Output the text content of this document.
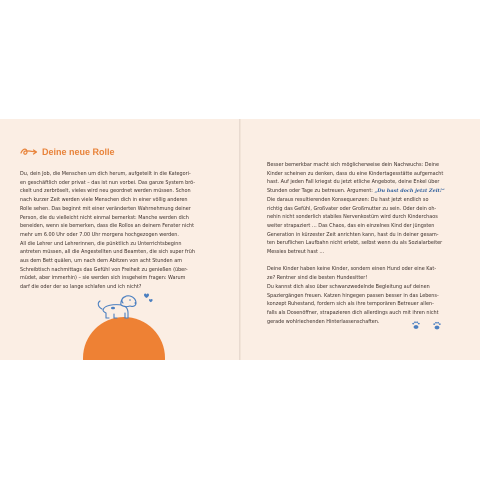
Deine neue Rolle
Du, dein Job, die Menschen um dich herum, aufgeteilt in die Kategori-
en geschäftlich oder privat – das ist nun vorbei. Das ganze System brö-
ckelt und zerbröselt, vieles wird neu geordnet werden müssen. Schon
nach kurzer Zeit werden viele Menschen dich in einer völlig anderen
Rolle sehen. Das beginnt mit einer veränderten Wahrnehmung deiner
Person, die du vielleicht nicht einmal bemerkst: Manche werden dich
beneiden, wenn sie bemerken, dass die Rollos an deinem Fenster nicht
mehr um 6.00 Uhr oder 7.00 Uhr morgens hochgezogen werden.
All die Lehrer und Lehrerinnen, die pünktlich zu Unterrichtsbeginn
antreten müssen, all die Angestellten und Beamten, die sich super früh
aus dem Bett quälen, um nach dem Abitzen von acht Stunden am
Schreibtisch nachmittags das Gefühl von Freiheit zu genießen (über-
müdet, aber immerhin) – sie werden sich insgeheim fragen: Warum
darf die oder der so lange schlafen und ich nicht?
Besser bemerkbar macht sich möglicherweise dein Nachwuchs: Deine
Kinder scheinen zu denken, dass du eine Kindertagesstätte aufgemacht
hast. Auf jeden Fall kriegst du jetzt etliche Angebote, deine Enkel über
Stunden oder Tage zu betreuen. Argument: „Du hast doch jetzt Zeit!“
Die daraus resultierenden Konsequenzen: Du hast jetzt endlich so
richtig das Gefühl, Großvater oder Großmutter zu sein. Oder dein oh-
nehin nicht sonderlich stabiles Nervenkostüm wird durch Kinderchaos
weiter strapaziert … Das Chaos, das ein einzelnes Kind der jüngsten
Generation in kürzester Zeit anrichten kann, hast du in deiner gesam-
ten beruflichen Laufbahn nicht erlebt, selbst wenn du als Sozialarbeiter
Messies betreut hast …
Deine Kinder haben keine Kinder, sondern einen Hund oder eine Kat-
ze? Rentner sind die besten Hundesitter!
Du kannst dich also über schwanzwedelnde Begleitung auf deinen
Spaziergängen freuen. Katzen hingegen passen besser in das Lebens-
konzept Ruhestand, fordern sich als ihre temporären Betreuer allen-
falls als Dosenöffner, strapazieren dich allerdings auch mit ihren nicht
gerade wohlriechenden Hinterlassenschaften.
